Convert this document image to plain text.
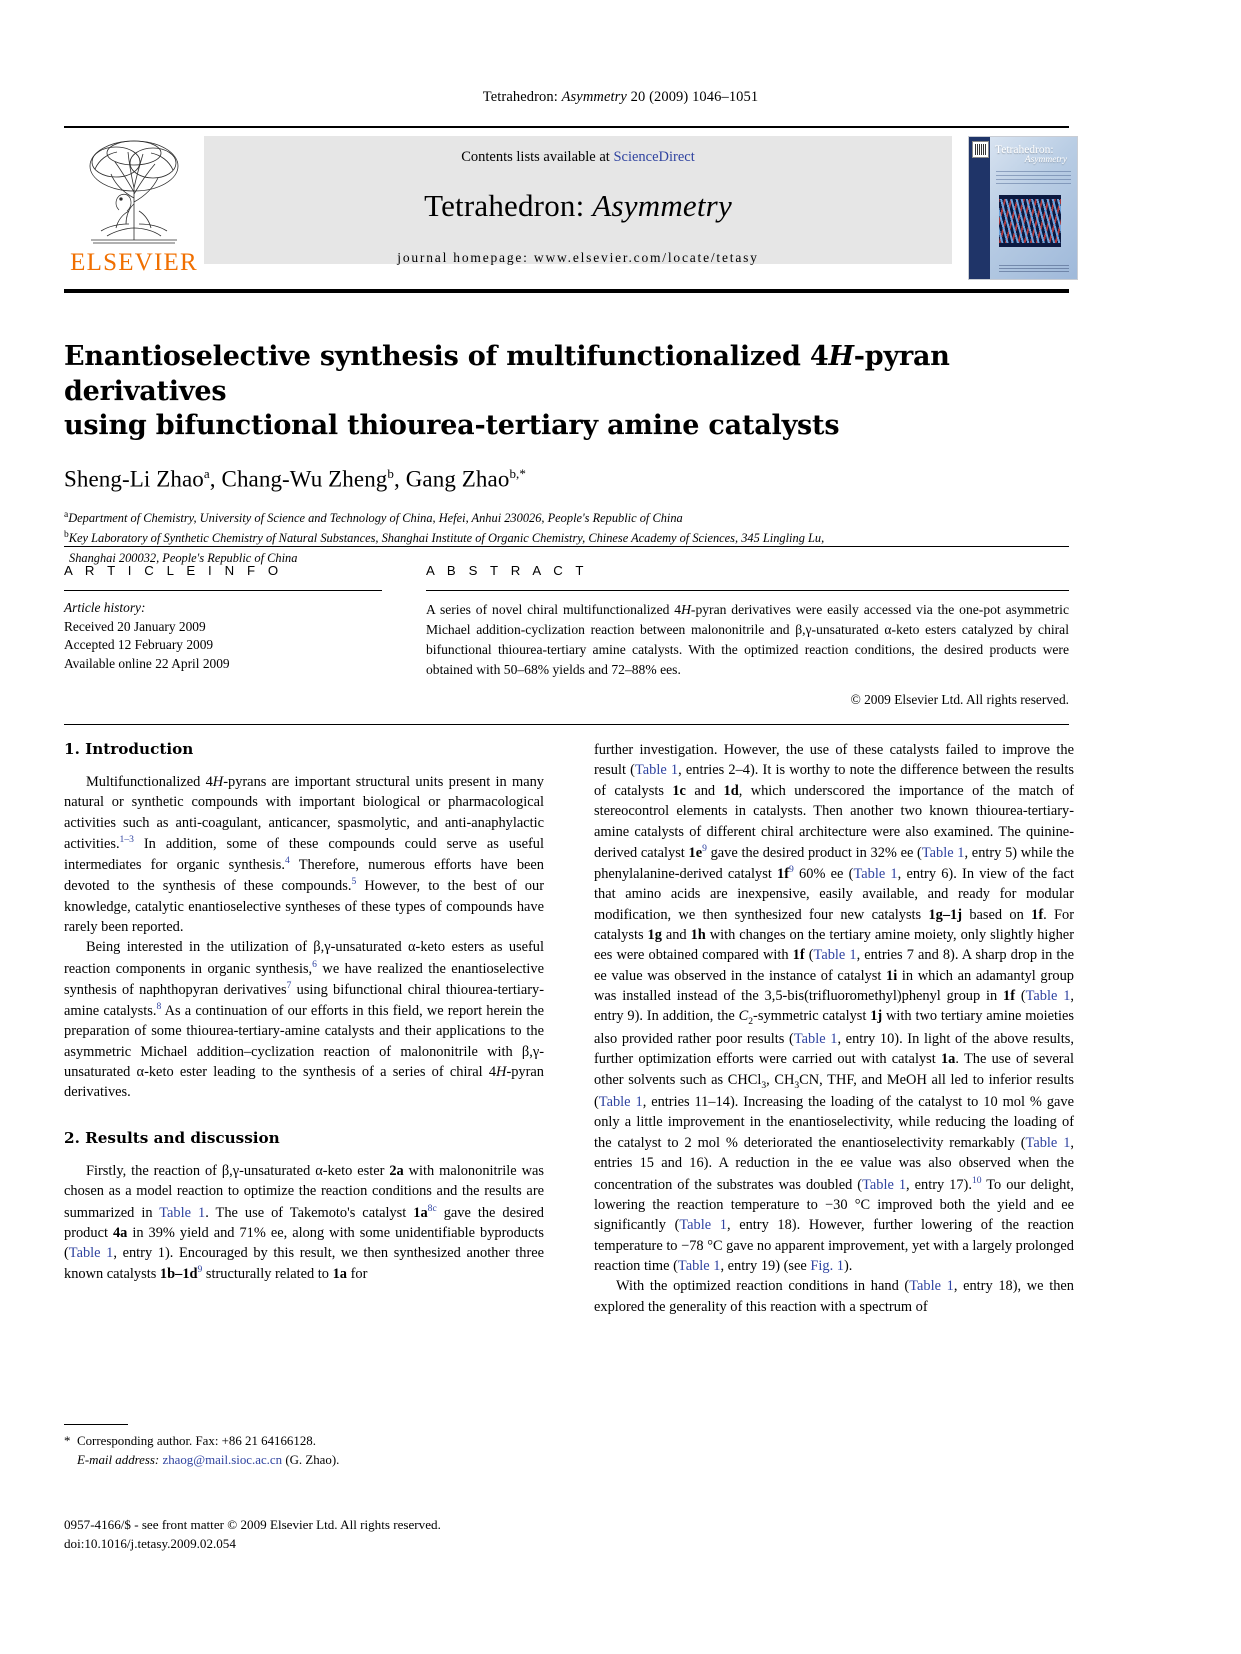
Tetrahedron: Asymmetry 20 (2009) 1046–1051
ELSEVIER
Contents lists available at ScienceDirect
Tetrahedron: Asymmetry
journal homepage: www.elsevier.com/locate/tetasy
Tetrahedron:
Asymmetry
Enantioselective synthesis of multifunctionalized 4H-pyran derivatives
using bifunctional thiourea-tertiary amine catalysts
Sheng-Li Zhao$^a$, Chang-Wu Zheng$^b$, Gang Zhao$^{b,*}$
$^a$Department of Chemistry, University of Science and Technology of China, Hefei, Anhui 230026, People's Republic of China
$^b$Key Laboratory of Synthetic Chemistry of Natural Substances, Shanghai Institute of Organic Chemistry, Chinese Academy of Sciences, 345 Lingling Lu,
Shanghai 200032, People's Republic of China
A R T I C L E I N F O
Article history:
Received 20 January 2009
Accepted 12 February 2009
Available online 22 April 2009
A B S T R A C T
A series of novel chiral multifunctionalized 4H-pyran derivatives were easily accessed via the one-pot asymmetric Michael addition-cyclization reaction between malononitrile and β,γ-unsaturated α-keto esters catalyzed by chiral bifunctional thiourea-tertiary amine catalysts. With the optimized reaction conditions, the desired products were obtained with 50–68% yields and 72–88% ees.
© 2009 Elsevier Ltd. All rights reserved.
1. Introduction

Multifunctionalized 4H-pyrans are important structural units present in many natural or synthetic compounds with important biological or pharmacological activities such as anti-coagulant, anticancer, spasmolytic, and anti-anaphylactic activities.$^{1-3}$ In addition, some of these compounds could serve as useful intermediates for organic synthesis.$^4$ Therefore, numerous efforts have been devoted to the synthesis of these compounds.$^5$ However, to the best of our knowledge, catalytic enantioselective syntheses of these types of compounds have rarely been reported.

Being interested in the utilization of β,γ-unsaturated α-keto esters as useful reaction components in organic synthesis,$^6$ we have realized the enantioselective synthesis of naphthopyran derivatives$^7$ using bifunctional chiral thiourea-tertiary-amine catalysts.$^8$ As a continuation of our efforts in this field, we report herein the preparation of some thiourea-tertiary-amine catalysts and their applications to the asymmetric Michael addition–cyclization reaction of malononitrile with β,γ-unsaturated α-keto ester leading to the synthesis of a series of chiral 4H-pyran derivatives.

2. Results and discussion

Firstly, the reaction of β,γ-unsaturated α-keto ester 2a with malononitrile was chosen as a model reaction to optimize the reaction conditions and the results are summarized in Table 1. The use of Takemoto's catalyst 1a$^{8c}$ gave the desired product 4a in 39% yield and 71% ee, along with some unidentifiable byproducts (Table 1, entry 1). Encouraged by this result, we then synthesized another three known catalysts 1b–1d$^9$ structurally related to 1a for

further investigation. However, the use of these catalysts failed to improve the result (Table 1, entries 2–4). It is worthy to note the difference between the results of catalysts 1c and 1d, which underscored the importance of the match of stereocontrol elements in catalysts. Then another two known thiourea-tertiary-amine catalysts of different chiral architecture were also examined. The quinine-derived catalyst 1e$^9$ gave the desired product in 32% ee (Table 1, entry 5) while the phenylalanine-derived catalyst 1f$^9$ 60% ee (Table 1, entry 6). In view of the fact that amino acids are inexpensive, easily available, and ready for modular modification, we then synthesized four new catalysts 1g–1j based on 1f. For catalysts 1g and 1h with changes on the tertiary amine moiety, only slightly higher ees were obtained compared with 1f (Table 1, entries 7 and 8). A sharp drop in the ee value was observed in the instance of catalyst 1i in which an adamantyl group was installed instead of the 3,5-bis(trifluoromethyl)phenyl group in 1f (Table 1, entry 9). In addition, the $C_2$-symmetric catalyst 1j with two tertiary amine moieties also provided rather poor results (Table 1, entry 10). In light of the above results, further optimization efforts were carried out with catalyst 1a. The use of several other solvents such as CHCl$_3$, $CH_3CN$, THF, and MeOH all led to inferior results (Table 1, entries 11–14). Increasing the loading of the catalyst to 10 mol % gave only a little improvement in the enantioselectivity, while reducing the loading of the catalyst to 2 mol % deteriorated the enantioselectivity remarkably (Table 1, entries 15 and 16). A reduction in the ee value was also observed when the concentration of the substrates was doubled (Table 1, entry 17).$^{10}$ To our delight, lowering the reaction temperature to −30 °C improved both the yield and ee significantly (Table 1, entry 18). However, further lowering of the reaction temperature to −78 °C gave no apparent improvement, yet with a largely prolonged reaction time (Table 1, entry 19) (see Fig. 1).

With the optimized reaction conditions in hand (Table 1, entry 18), we then explored the generality of this reaction with a spectrum of

* Corresponding author. Fax: +86 21 64166128.
E-mail address: zhaog@mail.sioc.ac.cn (G. Zhao).
0957-4166/$ - see front matter © 2009 Elsevier Ltd. All rights reserved.
doi:10.1016/j.tetasy.2009.02.054
